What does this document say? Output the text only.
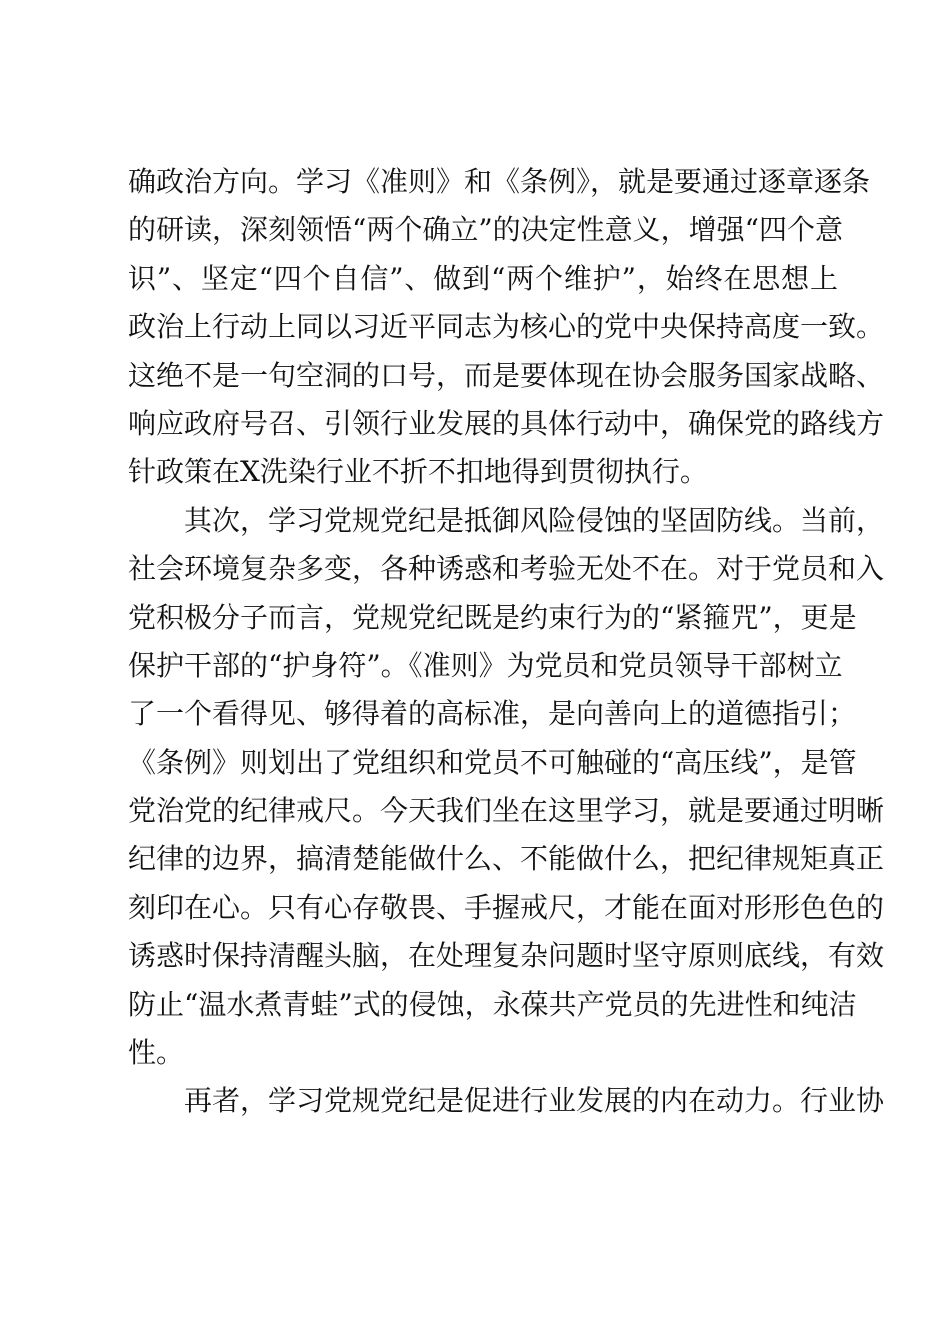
确政治方向。学习《准则》和《条例》，就是要通过逐章逐条
的研读，深刻领悟“两个确立”的决定性意义，增强“四个意
识”、坚定“四个自信”、做到“两个维护”，始终在思想上
政治上行动上同以习近平同志为核心的党中央保持高度一致。
这绝不是一句空洞的口号，而是要体现在协会服务国家战略、
响应政府号召、引领行业发展的具体行动中，确保党的路线方
针政策在X洗染行业不折不扣地得到贯彻执行。
其次，学习党规党纪是抵御风险侵蚀的坚固防线。当前，
社会环境复杂多变，各种诱惑和考验无处不在。对于党员和入
党积极分子而言，党规党纪既是约束行为的“紧箍咒”，更是
保护干部的“护身符”。《准则》为党员和党员领导干部树立
了一个看得见、够得着的高标准，是向善向上的道德指引；
《条例》则划出了党组织和党员不可触碰的“高压线”，是管
党治党的纪律戒尺。今天我们坐在这里学习，就是要通过明晰
纪律的边界，搞清楚能做什么、不能做什么，把纪律规矩真正
刻印在心。只有心存敬畏、手握戒尺，才能在面对形形色色的
诱惑时保持清醒头脑，在处理复杂问题时坚守原则底线，有效
防止“温水煮青蛙”式的侵蚀，永葆共产党员的先进性和纯洁
性。
再者，学习党规党纪是促进行业发展的内在动力。行业协
